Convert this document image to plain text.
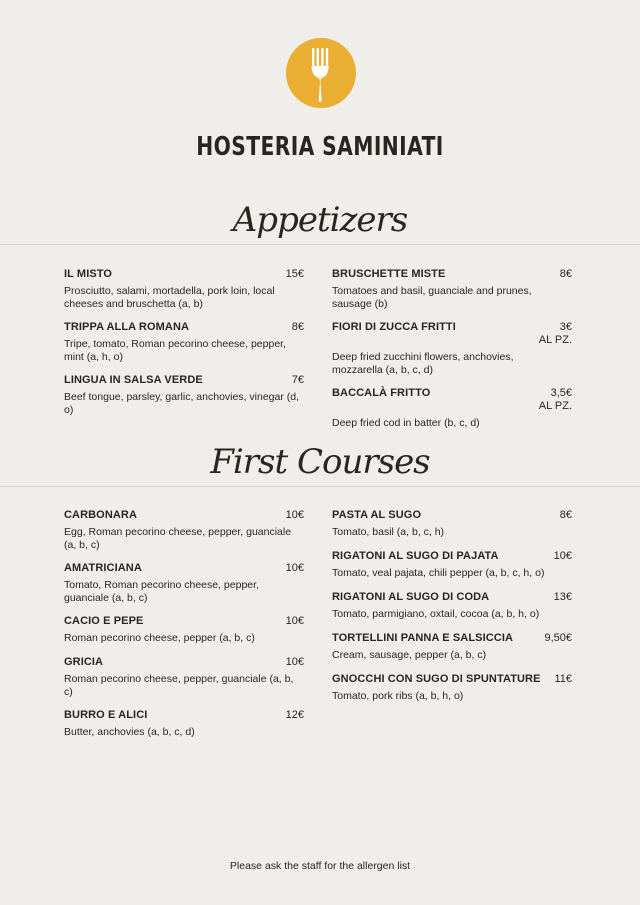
HOSTERIA SAMINIATI
Appetizers
IL MISTO	15€
Prosciutto, salami, mortadella, pork loin, local cheeses and bruschetta (a, b)
TRIPPA ALLA ROMANA	8€
Tripe, tomato, Roman pecorino cheese, pepper, mint (a, h, o)
LINGUA IN SALSA VERDE	7€
Beef tongue, parsley, garlic, anchovies, vinegar (d, o)
BRUSCHETTE MISTE	8€
Tomatoes and basil, guanciale and prunes, sausage (b)
FIORI DI ZUCCA FRITTI	3€
AL PZ.
Deep fried zucchini flowers, anchovies, mozzarella (a, b, c, d)
BACCALÀ FRITTO	3,5€
AL PZ.
Deep fried cod in batter (b, c, d)
First Courses
CARBONARA	10€
Egg, Roman pecorino cheese, pepper, guanciale (a, b, c)
AMATRICIANA	10€
Tomato, Roman pecorino cheese, pepper, guanciale (a, b, c)
CACIO E PEPE	10€
Roman pecorino cheese, pepper (a, b, c)
GRICIA	10€
Roman pecorino cheese, pepper, guanciale (a, b, c)
BURRO E ALICI	12€
Butter, anchovies (a, b, c, d)
PASTA AL SUGO	8€
Tomato, basil (a, b, c, h)
RIGATONI AL SUGO DI PAJATA	10€
Tomato, veal pajata, chili pepper (a, b, c, h, o)
RIGATONI AL SUGO DI CODA	13€
Tomato, parmigiano, oxtail, cocoa (a, b, h, o)
TORTELLINI PANNA E SALSICCIA	9,50€
Cream, sausage, pepper (a, b, c)
GNOCCHI CON SUGO DI SPUNTATURE 11€
Tomato, pork ribs (a, b, h, o)
Please ask the staff for the allergen list
